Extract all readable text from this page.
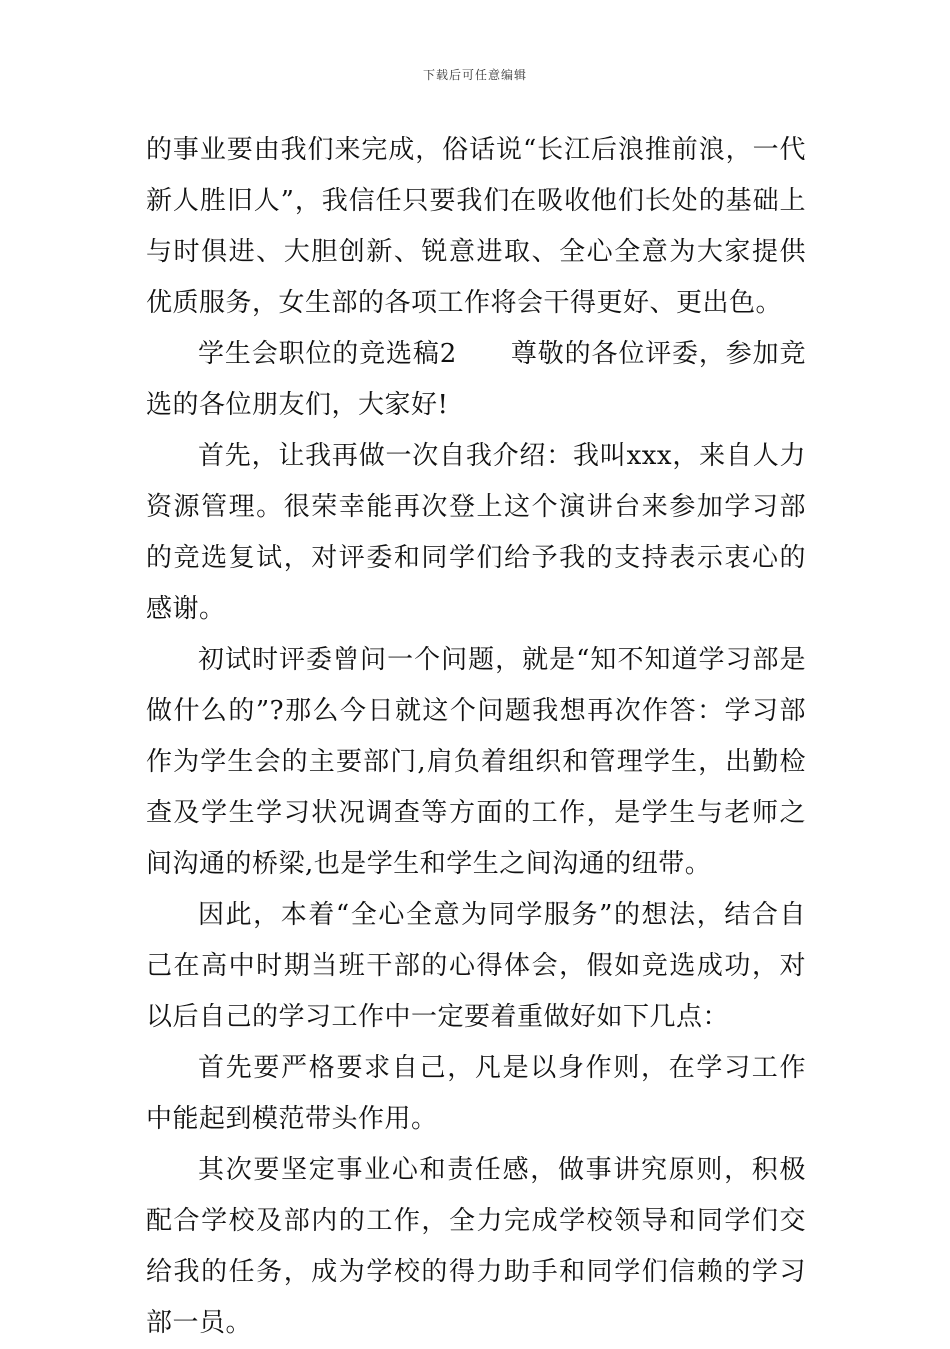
下载后可任意编辑

的事业要由我们来完成，俗话说“长江后浪推前浪，一代新人胜旧人”，我信任只要我们在吸收他们长处的基础上与时俱进、大胆创新、锐意进取、全心全意为大家提供优质服务，女生部的各项工作将会干得更好、更出色。

学生会职位的竞选稿2　　尊敬的各位评委，参加竞选的各位朋友们，大家好!

首先，让我再做一次自我介绍：我叫xxx，来自人力资源管理。很荣幸能再次登上这个演讲台来参加学习部的竞选复试，对评委和同学们给予我的支持表示衷心的感谢。

初试时评委曾问一个问题，就是“知不知道学习部是做什么的”?那么今日就这个问题我想再次作答：学习部作为学生会的主要部门,肩负着组织和管理学生，出勤检查及学生学习状况调查等方面的工作，是学生与老师之间沟通的桥梁,也是学生和学生之间沟通的纽带。

因此，本着“全心全意为同学服务”的想法，结合自己在高中时期当班干部的心得体会，假如竞选成功，对以后自己的学习工作中一定要着重做好如下几点：

首先要严格要求自己，凡是以身作则，在学习工作中能起到模范带头作用。

其次要坚定事业心和责任感，做事讲究原则，积极配合学校及部内的工作，全力完成学校领导和同学们交给我的任务，成为学校的得力助手和同学们信赖的学习部一员。
